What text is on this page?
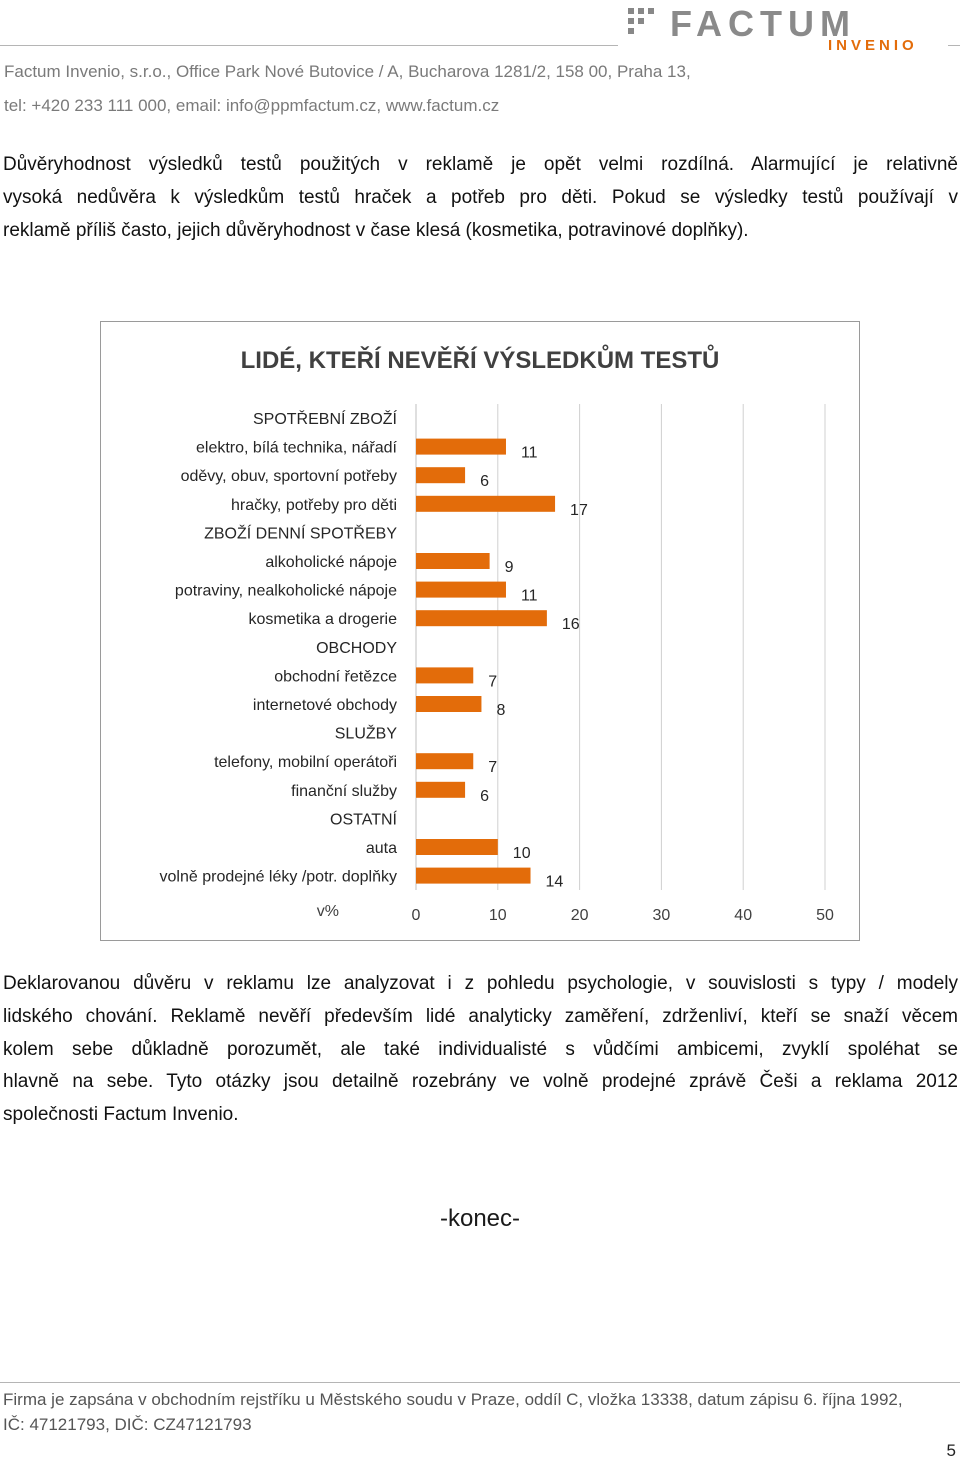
FACTUM
INVENIO
Factum Invenio, s.r.o., Office Park Nové Butovice / A, Bucharova 1281/2, 158 00, Praha 13,
tel: +420 233 111 000, email: info@ppmfactum.cz, www.factum.cz
Důvěryhodnost výsledků testů použitých v reklamě je opět velmi rozdílná. Alarmující je relativně
vysoká nedůvěra k výsledkům testů hraček a potřeb pro děti. Pokud se výsledky testů používají v
reklamě příliš často, jejich důvěryhodnost v čase klesá (kosmetika, potravinové doplňky).
LIDÉ, KTEŘÍ NEVĚŘÍ VÝSLEDKŮM TESTŮ
0	10	20	30	40	50
v%
SPOTŘEBNÍ ZBOŽÍ
elektro, bílá technika, nářadí	11
oděvy, obuv, sportovní potřeby	6
hračky, potřeby pro děti	17
ZBOŽÍ DENNÍ SPOTŘEBY
alkoholické nápoje	9
potraviny, nealkoholické nápoje	11
kosmetika a drogerie	16
OBCHODY
obchodní řetězce	7
internetové obchody	8
SLUŽBY
telefony, mobilní operátoři	7
finanční služby	6
OSTATNÍ
auta	10
volně prodejné léky /potr. doplňky	14
Deklarovanou důvěru v reklamu lze analyzovat i z pohledu psychologie, v souvislosti s typy / modely
lidského chování. Reklamě nevěří především lidé analyticky zaměření, zdrženliví, kteří se snaží věcem
kolem sebe důkladně porozumět, ale také individualisté s vůdčími ambicemi, zvyklí spoléhat se
hlavně na sebe. Tyto otázky jsou detailně rozebrány ve volně prodejné zprávě Češi a reklama 2012
společnosti Factum Invenio.
-konec-
Firma je zapsána v obchodním rejstříku u Městského soudu v Praze, oddíl C, vložka 13338, datum zápisu 6. října 1992,
IČ: 47121793, DIČ: CZ47121793
5
